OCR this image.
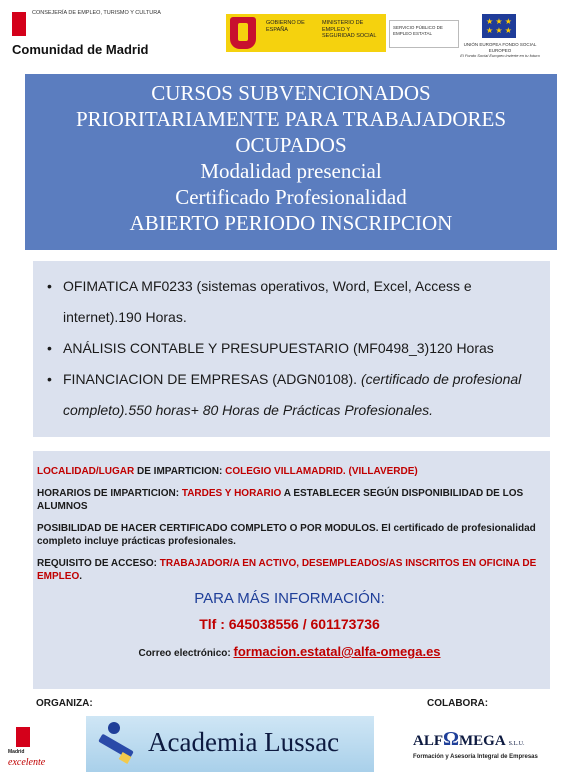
CONSEJERÍA DE EMPLEO, TURISMO Y CULTURA
Comunidad de Madrid
GOBIERNO DE ESPAÑA
MINISTERIO DE EMPLEO Y SEGURIDAD SOCIAL
SERVICIO PÚBLICO DE EMPLEO ESTATAL
★ ★ ★
★ ★ ★
UNIÓN EUROPEA FONDO SOCIAL EUROPEO
El Fondo Social Europeo invierte en tu futuro
CURSOS SUBVENCIONADOS
PRIORITARIAMENTE PARA TRABAJADORES
OCUPADOS
Modalidad presencial
Certificado Profesionalidad
ABIERTO PERIODO INSCRIPCION
• OFIMATICA MF0233 (sistemas operativos, Word, Excel, Access e internet).190 Horas.
• ANÁLISIS CONTABLE Y PRESUPUESTARIO (MF0498_3)120 Horas
• FINANCIACION DE EMPRESAS (ADGN0108). (certificado de profesional completo).550 horas+ 80 Horas de Prácticas Profesionales.

LOCALIDAD/LUGAR DE IMPARTICION: COLEGIO VILLAMADRID. (VILLAVERDE)

HORARIOS DE IMPARTICION: TARDES Y HORARIO A ESTABLECER SEGÚN DISPONIBILIDAD DE LOS ALUMNOS

POSIBILIDAD DE HACER CERTIFICADO COMPLETO O POR MODULOS. El certificado de profesionalidad completo incluye prácticas profesionales.

REQUISITO DE ACCESO: TRABAJADOR/A EN ACTIVO, DESEMPLEADOS/AS INSCRITOS EN OFICINA DE EMPLEO.

PARA MÁS INFORMACIÓN:
Tlf : 645038556 / 601173736
Correo electrónico: formacion.estatal@alfa-omega.es
ORGANIZA:	COLABORA:
Madrid
excelente
Academia Lussac	ALFΩMEGA S.L.U.
Formación y Asesoría Integral de Empresas
